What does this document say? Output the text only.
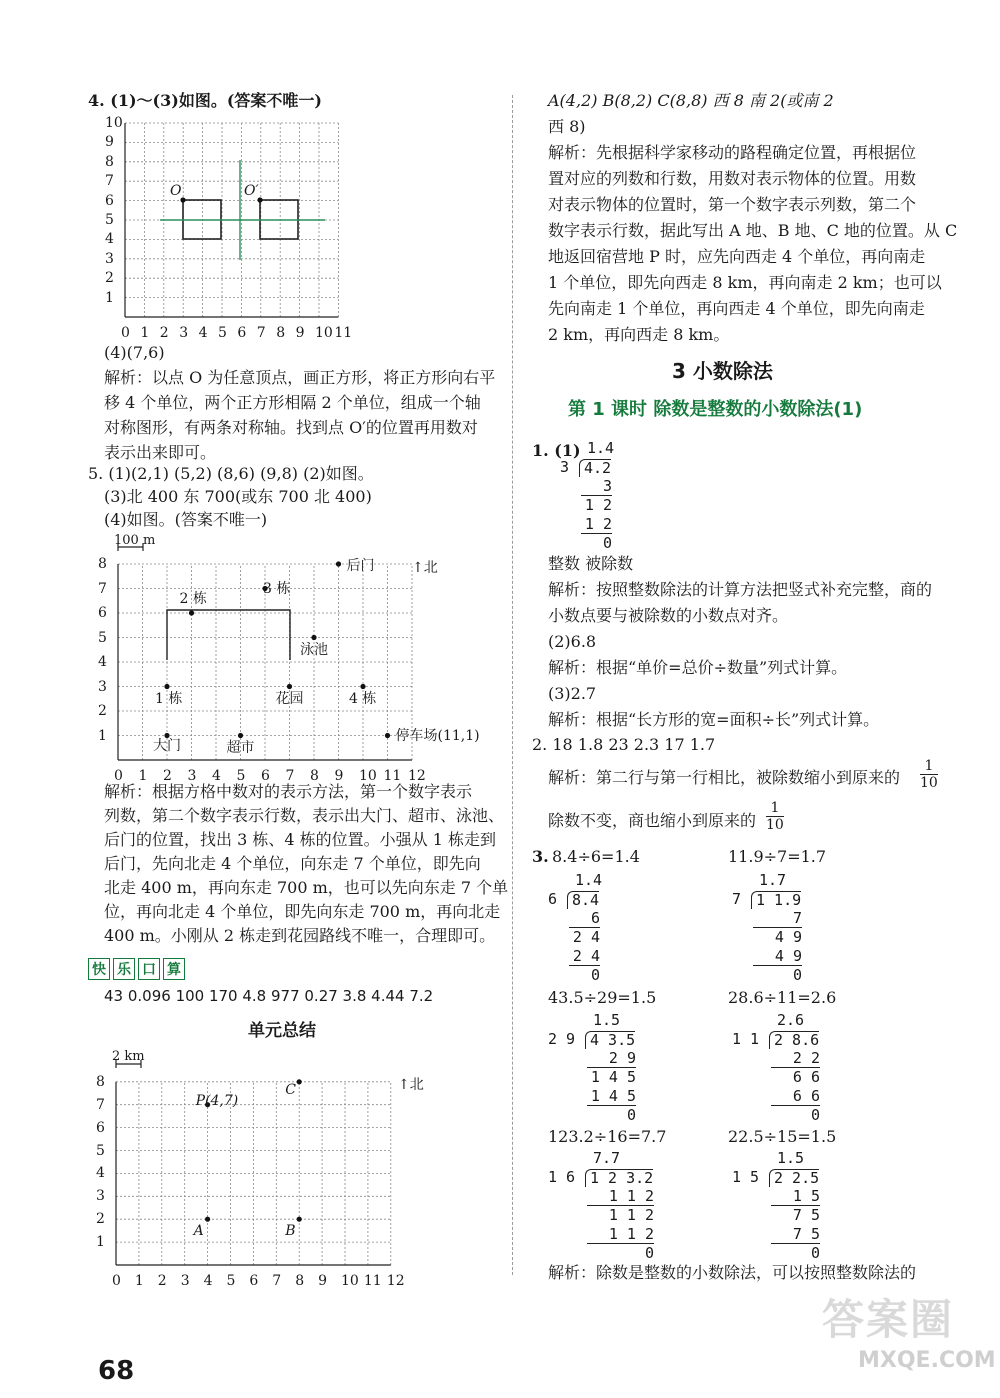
4. (1)～(3)如图。(答案不唯一)
10
9
8
7
6
5
4
3
2
1
0 1 2 3 4 5 6 7 8 9 10 11
O	O′
(4)(7,6)
解析：以点 O 为任意顶点，画正方形，将正方形向右平
移 4 个单位，两个正方形相隔 2 个单位，组成一个轴
对称图形，有两条对称轴。找到点 O′的位置再用数对
表示出来即可。
5. (1)(2,1) (5,2) (8,6) (9,8) (2)如图。
(3)北 400 东 700(或东 700 北 400)
(4)如图。(答案不唯一)
100 m
↑北
8
7
6
5
4
3
2
1
0 1 2 3 4 5 6 7 8 9 10 11 12
3 栋
后门
2 栋
泳池
1 栋	花园	4 栋
超市
大门
停车场(11,1)
解析：根据方格中数对的表示方法，第一个数字表示
列数，第二个数字表示行数，表示出大门、超市、泳池、
后门的位置，找出 3 栋、4 栋的位置。小强从 1 栋走到
后门，先向北走 4 个单位，向东走 7 个单位，即先向
北走 400 m，再向东走 700 m，也可以先向东走 7 个单
位，再向北走 4 个单位，即先向东走 700 m，再向北走
400 m。小刚从 2 栋走到花园路线不唯一，合理即可。
快 乐 口 算
43 0.096 100 170 4.8 977 0.27 3.8 4.44 7.2
单元总结
2 km
↑北
8
7
6
5
4
3
2
1
0 1 2 3 4 5 6 7 8 9 10 11 12
P(4,7)
C
A	B
68
A(4,2) B(8,2) C(8,8) 西 8 南 2(或南 2
西 8)
解析：先根据科学家移动的路程确定位置，再根据位
置对应的列数和行数，用数对表示物体的位置。用数
对表示物体的位置时，第一个数字表示列数，第二个
数字表示行数，据此写出 A 地、B 地、C 地的位置。从 C
地返回宿营地 P 时，应先向西走 4 个单位，再向南走
1 个单位，即先向西走 8 km，再向南走 2 km；也可以
先向南走 1 个单位，再向西走 4 个单位，即先向南走
2 km，再向西走 8 km。
3 小数除法
第 1 课时 除数是整数的小数除法(1)
1. (1) 1.4
3 4.2
3
1 2
1 2
0
整数 被除数
解析：按照整数除法的计算方法把竖式补充完整，商的
小数点要与被除数的小数点对齐。
(2)6.8
解析：根据“单价=总价÷数量”列式计算。
(3)2.7
解析：根据“长方形的宽=面积÷长”列式计算。
2. 18 1.8 23 2.3 17 1.7
解析：第二行与第一行相比，被除数缩小到原来的
1
10
除数不变，商也缩小到原来的
1
10
3. 8.4÷6=1.4	11.9÷7=1.7
43.5÷29=1.5	28.6÷11=2.6
123.2÷16=7.7	22.5÷15=1.5
1.4
6 8.4
6
2 4
2 4
0
1.7
7 1 1.9
7
4 9
4 9
0
1.5
2 9 4 3.5
2 9
1 4 5
1 4 5
0
2.6
1 1 2 8.6
2 2
6 6
6 6
0
7.7
1 6 1 2 3.2
1 1 2
1 1 2
1 1 2
0
1.5
1 5 2 2.5
1 5
7 5
7 5
0
解析：除数是整数的小数除法，可以按照整数除法的
答案圈
MXQE.COM
